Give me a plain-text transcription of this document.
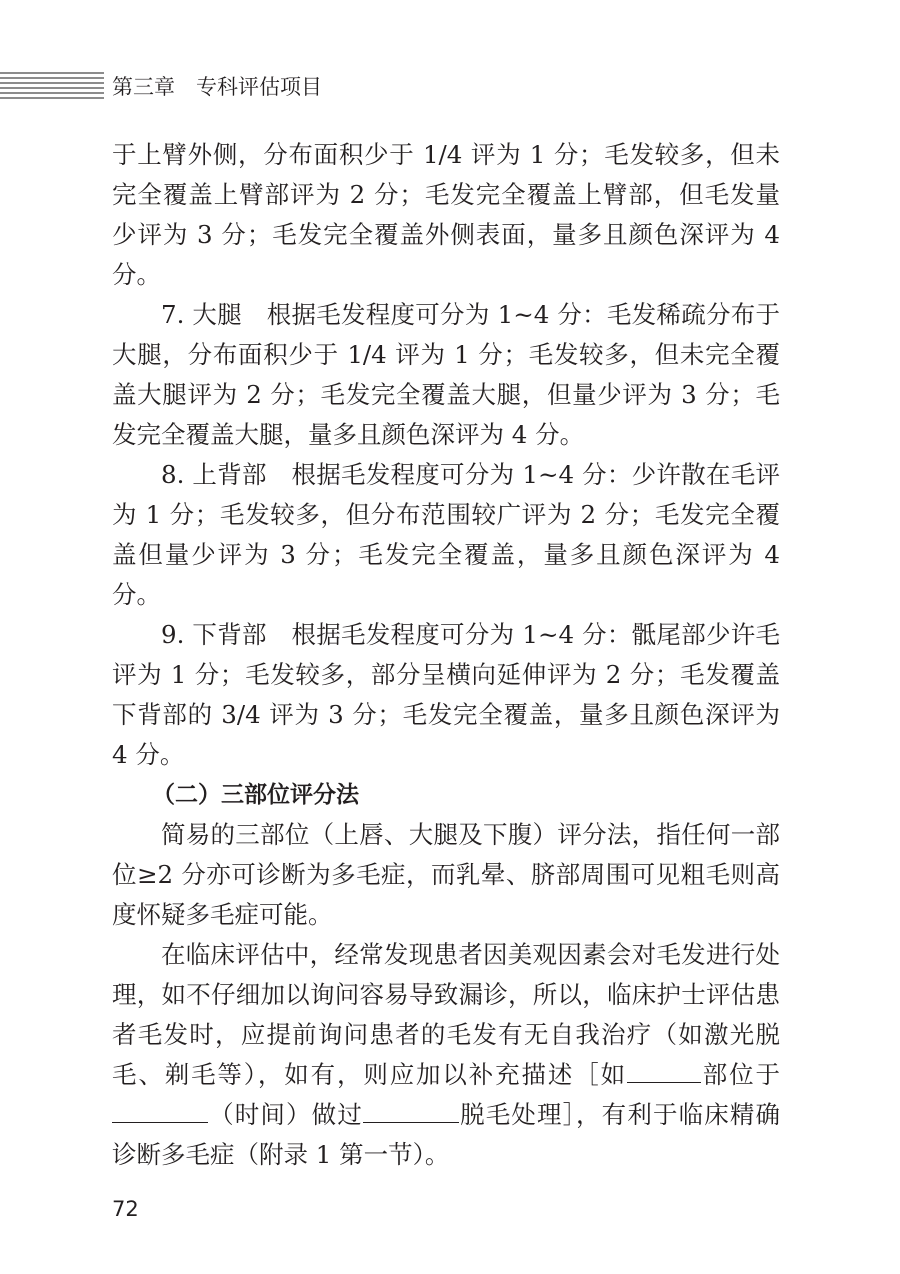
第三章　 专科评估项目

于上臂外侧，分布面积少于 1/4 评为 1 分；毛发较多，但未完全覆盖上臂部评为 2 分；毛发完全覆盖上臂部，但毛发量少评为 3 分；毛发完全覆盖外侧表面，量多且颜色深评为 4 分。

7. 大腿　根据毛发程度可分为 1~4 分：毛发稀疏分布于大腿，分布面积少于 1/4 评为 1 分；毛发较多，但未完全覆盖大腿评为 2 分；毛发完全覆盖大腿，但量少评为 3 分；毛发完全覆盖大腿，量多且颜色深评为 4 分。

8. 上背部　根据毛发程度可分为 1~4 分：少许散在毛评为 1 分；毛发较多，但分布范围较广评为 2 分；毛发完全覆盖但量少评为 3 分；毛发完全覆盖，量多且颜色深评为 4 分。

9. 下背部　根据毛发程度可分为 1~4 分：骶尾部少许毛评为 1 分；毛发较多，部分呈横向延伸评为 2 分；毛发覆盖下背部的 3/4 评为 3 分；毛发完全覆盖，量多且颜色深评为 4 分。

（二）三部位评分法

简易的三部位（上唇、大腿及下腹）评分法，指任何一部位≥2 分亦可诊断为多毛症，而乳晕、脐部周围可见粗毛则高度怀疑多毛症可能。

在临床评估中，经常发现患者因美观因素会对毛发进行处理，如不仔细加以询问容易导致漏诊，所以，临床护士评估患者毛发时，应提前询问患者的毛发有无自我治疗（如激光脱毛、剃毛等），如有，则应加以补充描述［如	部位于（时间）做过	脱毛处理］，有利于临床精确诊断多毛症（附录 1 第一节）。

72
